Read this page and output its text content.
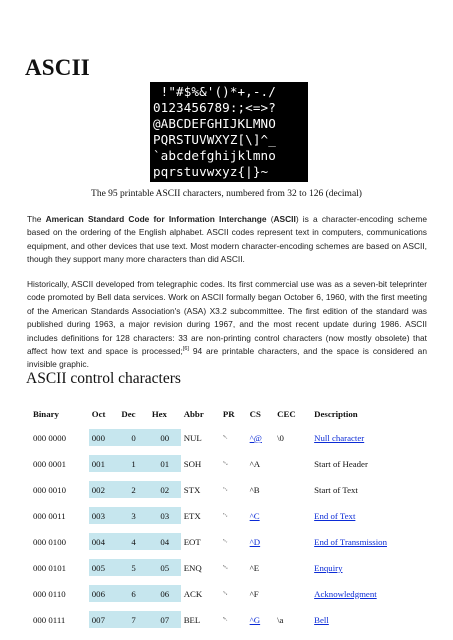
ASCII
!"#$%&'()*+,-./
0123456789:;<=>?
@ABCDEFGHIJKLMNO
PQRSTUVWXYZ[\]^_
`abcdefghijklmno
pqrstuvwxyz{|}~
The 95 printable ASCII characters, numbered from 32 to 126 (decimal)
The American Standard Code for Information Interchange (ASCII) is a character-encoding scheme based on the ordering of the English alphabet. ASCII codes represent text in computers, communications equipment, and other devices that use text. Most modern character-encoding schemes are based on ASCII, though they support many more characters than did ASCII.
Historically, ASCII developed from telegraphic codes. Its first commercial use was as a seven-bit teleprinter code promoted by Bell data services. Work on ASCII formally began October 6, 1960, with the first meeting of the American Standards Association's (ASA) X3.2 subcommittee. The first edition of the standard was published during 1963, a major revision during 1967, and the most recent update during 1986. ASCII includes definitions for 128 characters: 33 are non-printing control characters (now mostly obsolete) that affect how text and space is processed;[6] 94 are printable characters, and the space is considered an invisible graphic.
ASCII control characters
Binary	Oct	Dec	Hex	Abbr	PR	CS	CEC	Description
000 0000	000	0	00	NUL	␀	^@	\0	Null character
000 0001	001	1	01	SOH	␁	^A		Start of Header
000 0010	002	2	02	STX	␂	^B		Start of Text
000 0011	003	3	03	ETX	␃	^C		End of Text
000 0100	004	4	04	EOT	␄	^D		End of Transmission
000 0101	005	5	05	ENQ	␅	^E		Enquiry
000 0110	006	6	06	ACK	␆	^F		Acknowledgment
000 0111	007	7	07	BEL	␇	^G	\a	Bell
